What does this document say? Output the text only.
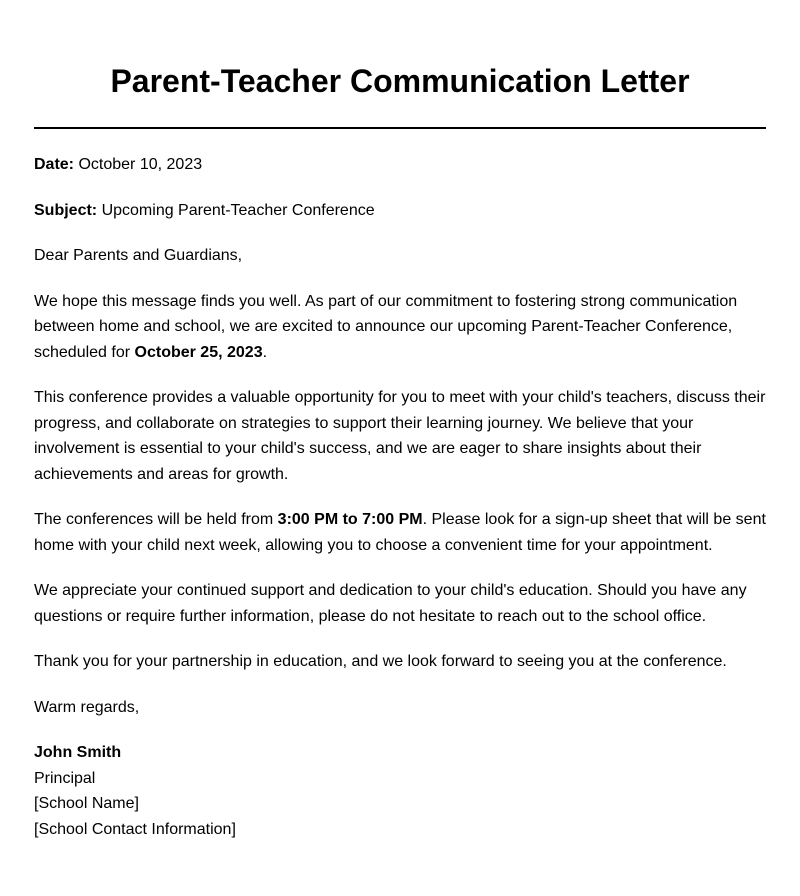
Parent-Teacher Communication Letter

Date: October 10, 2023

Subject: Upcoming Parent-Teacher Conference

Dear Parents and Guardians,

We hope this message finds you well. As part of our commitment to fostering strong communication between home and school, we are excited to announce our upcoming Parent-Teacher Conference, scheduled for October 25, 2023.

This conference provides a valuable opportunity for you to meet with your child's teachers, discuss their progress, and collaborate on strategies to support their learning journey. We believe that your involvement is essential to your child's success, and we are eager to share insights about their achievements and areas for growth.

The conferences will be held from 3:00 PM to 7:00 PM. Please look for a sign-up sheet that will be sent home with your child next week, allowing you to choose a convenient time for your appointment.

We appreciate your continued support and dedication to your child's education. Should you have any questions or require further information, please do not hesitate to reach out to the school office.

Thank you for your partnership in education, and we look forward to seeing you at the conference.

Warm regards,

John Smith
Principal
[School Name]
[School Contact Information]
